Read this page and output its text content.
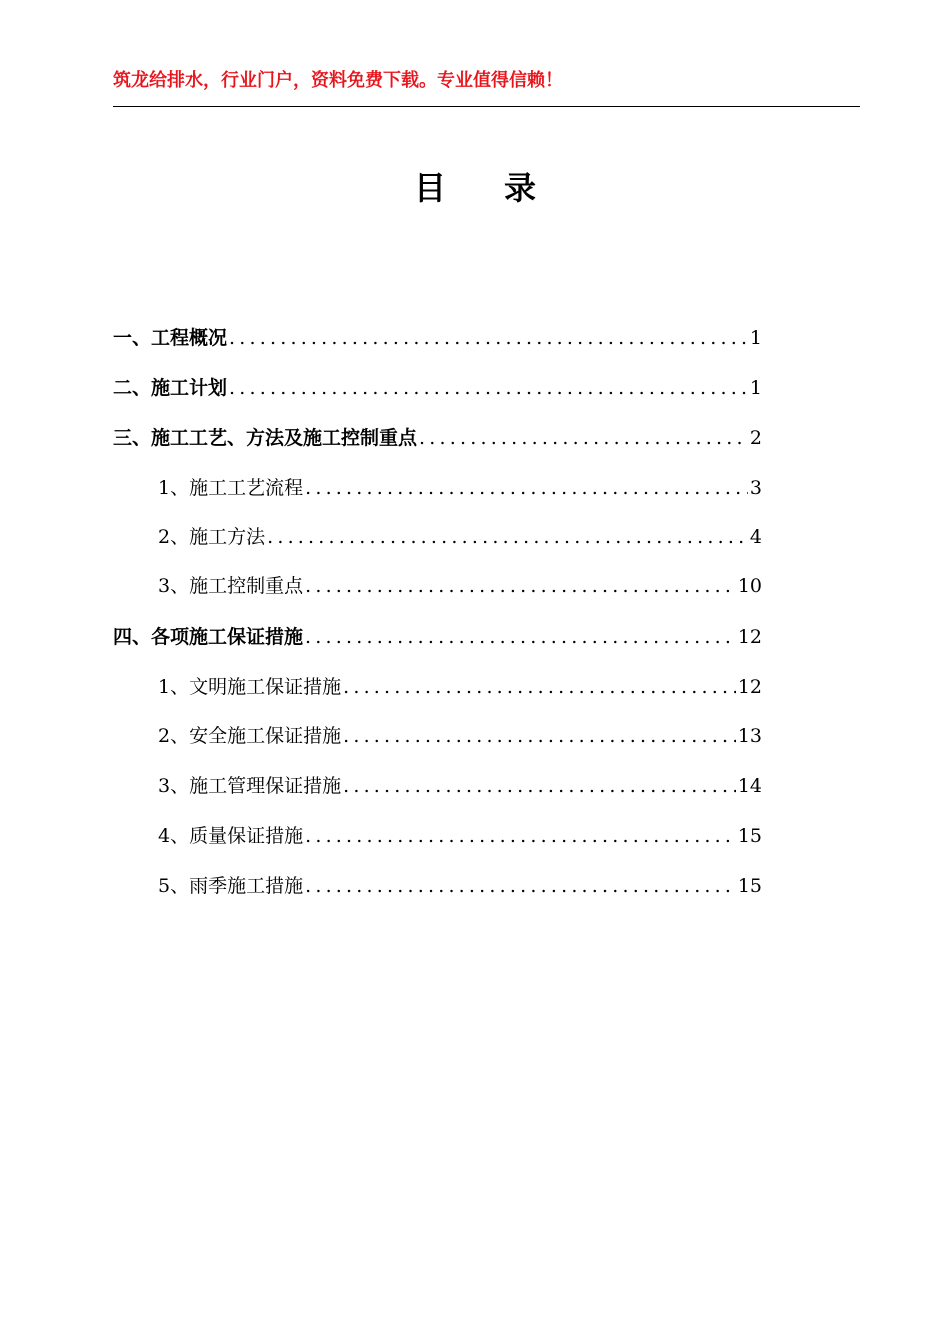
筑龙给排水，行业门户，资料免费下载。专业值得信赖！
目录
一、工程概况 .....	1
二、施工计划 .....	1
三、施工工艺、方法及施工控制重点 .....	2
1、施工工艺流程 .....	3
2、施工方法 .....	4
3、施工控制重点 .....	10
四、各项施工保证措施 .....	12
1、文明施工保证措施 .....	12
2、安全施工保证措施 .....	13
3、施工管理保证措施 .....	14
4、质量保证措施 .....	15
5、雨季施工措施 .....	15
